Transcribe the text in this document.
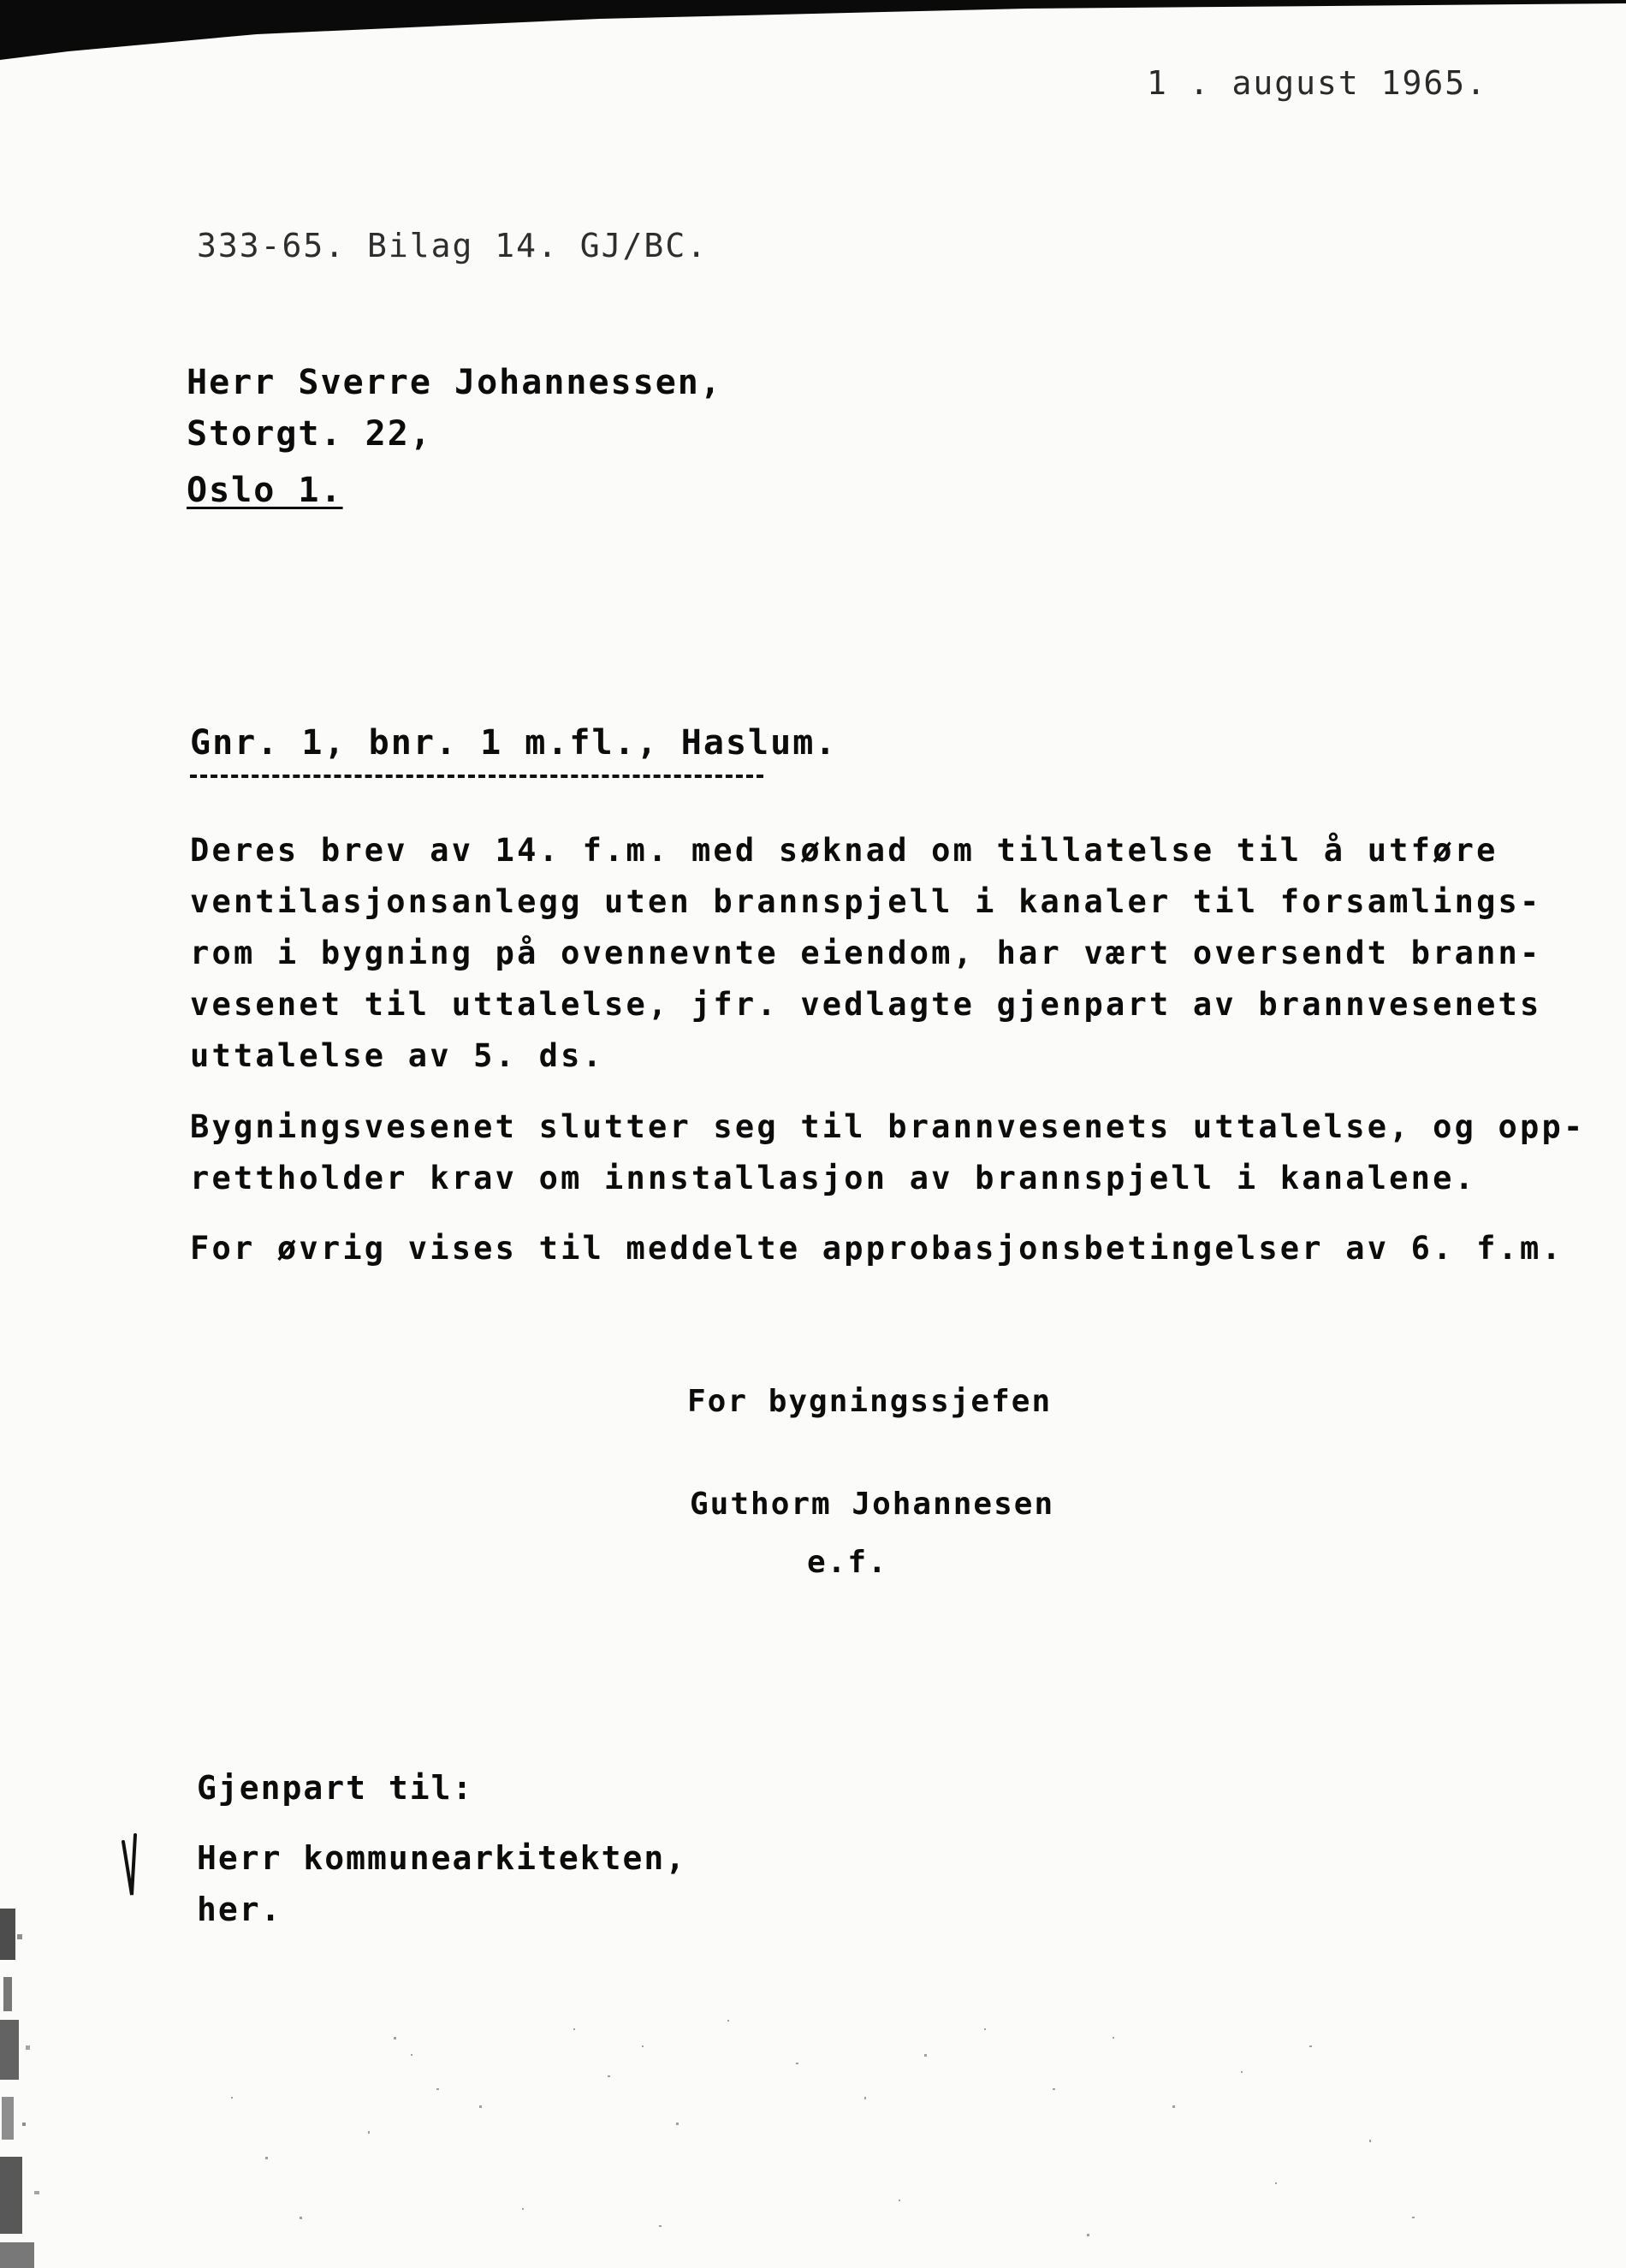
1 . august 1965.
333-65. Bilag 14. GJ/BC.
Herr Sverre Johannessen,
Storgt. 22,
Oslo 1.
Gnr. 1, bnr. 1 m.fl., Haslum.
Deres brev av 14. f.m. med søknad om tillatelse til å utføre
ventilasjonsanlegg uten brannspjell i kanaler til forsamlings-
rom i bygning på ovennevnte eiendom, har vært oversendt brann-
vesenet til uttalelse, jfr. vedlagte gjenpart av brannvesenets
uttalelse av 5. ds.
Bygningsvesenet slutter seg til brannvesenets uttalelse, og opp-
rettholder krav om innstallasjon av brannspjell i kanalene.
For øvrig vises til meddelte approbasjonsbetingelser av 6. f.m.
For bygningssjefen
Guthorm Johannesen
e.f.
Gjenpart til:
Herr kommunearkitekten,
her.
